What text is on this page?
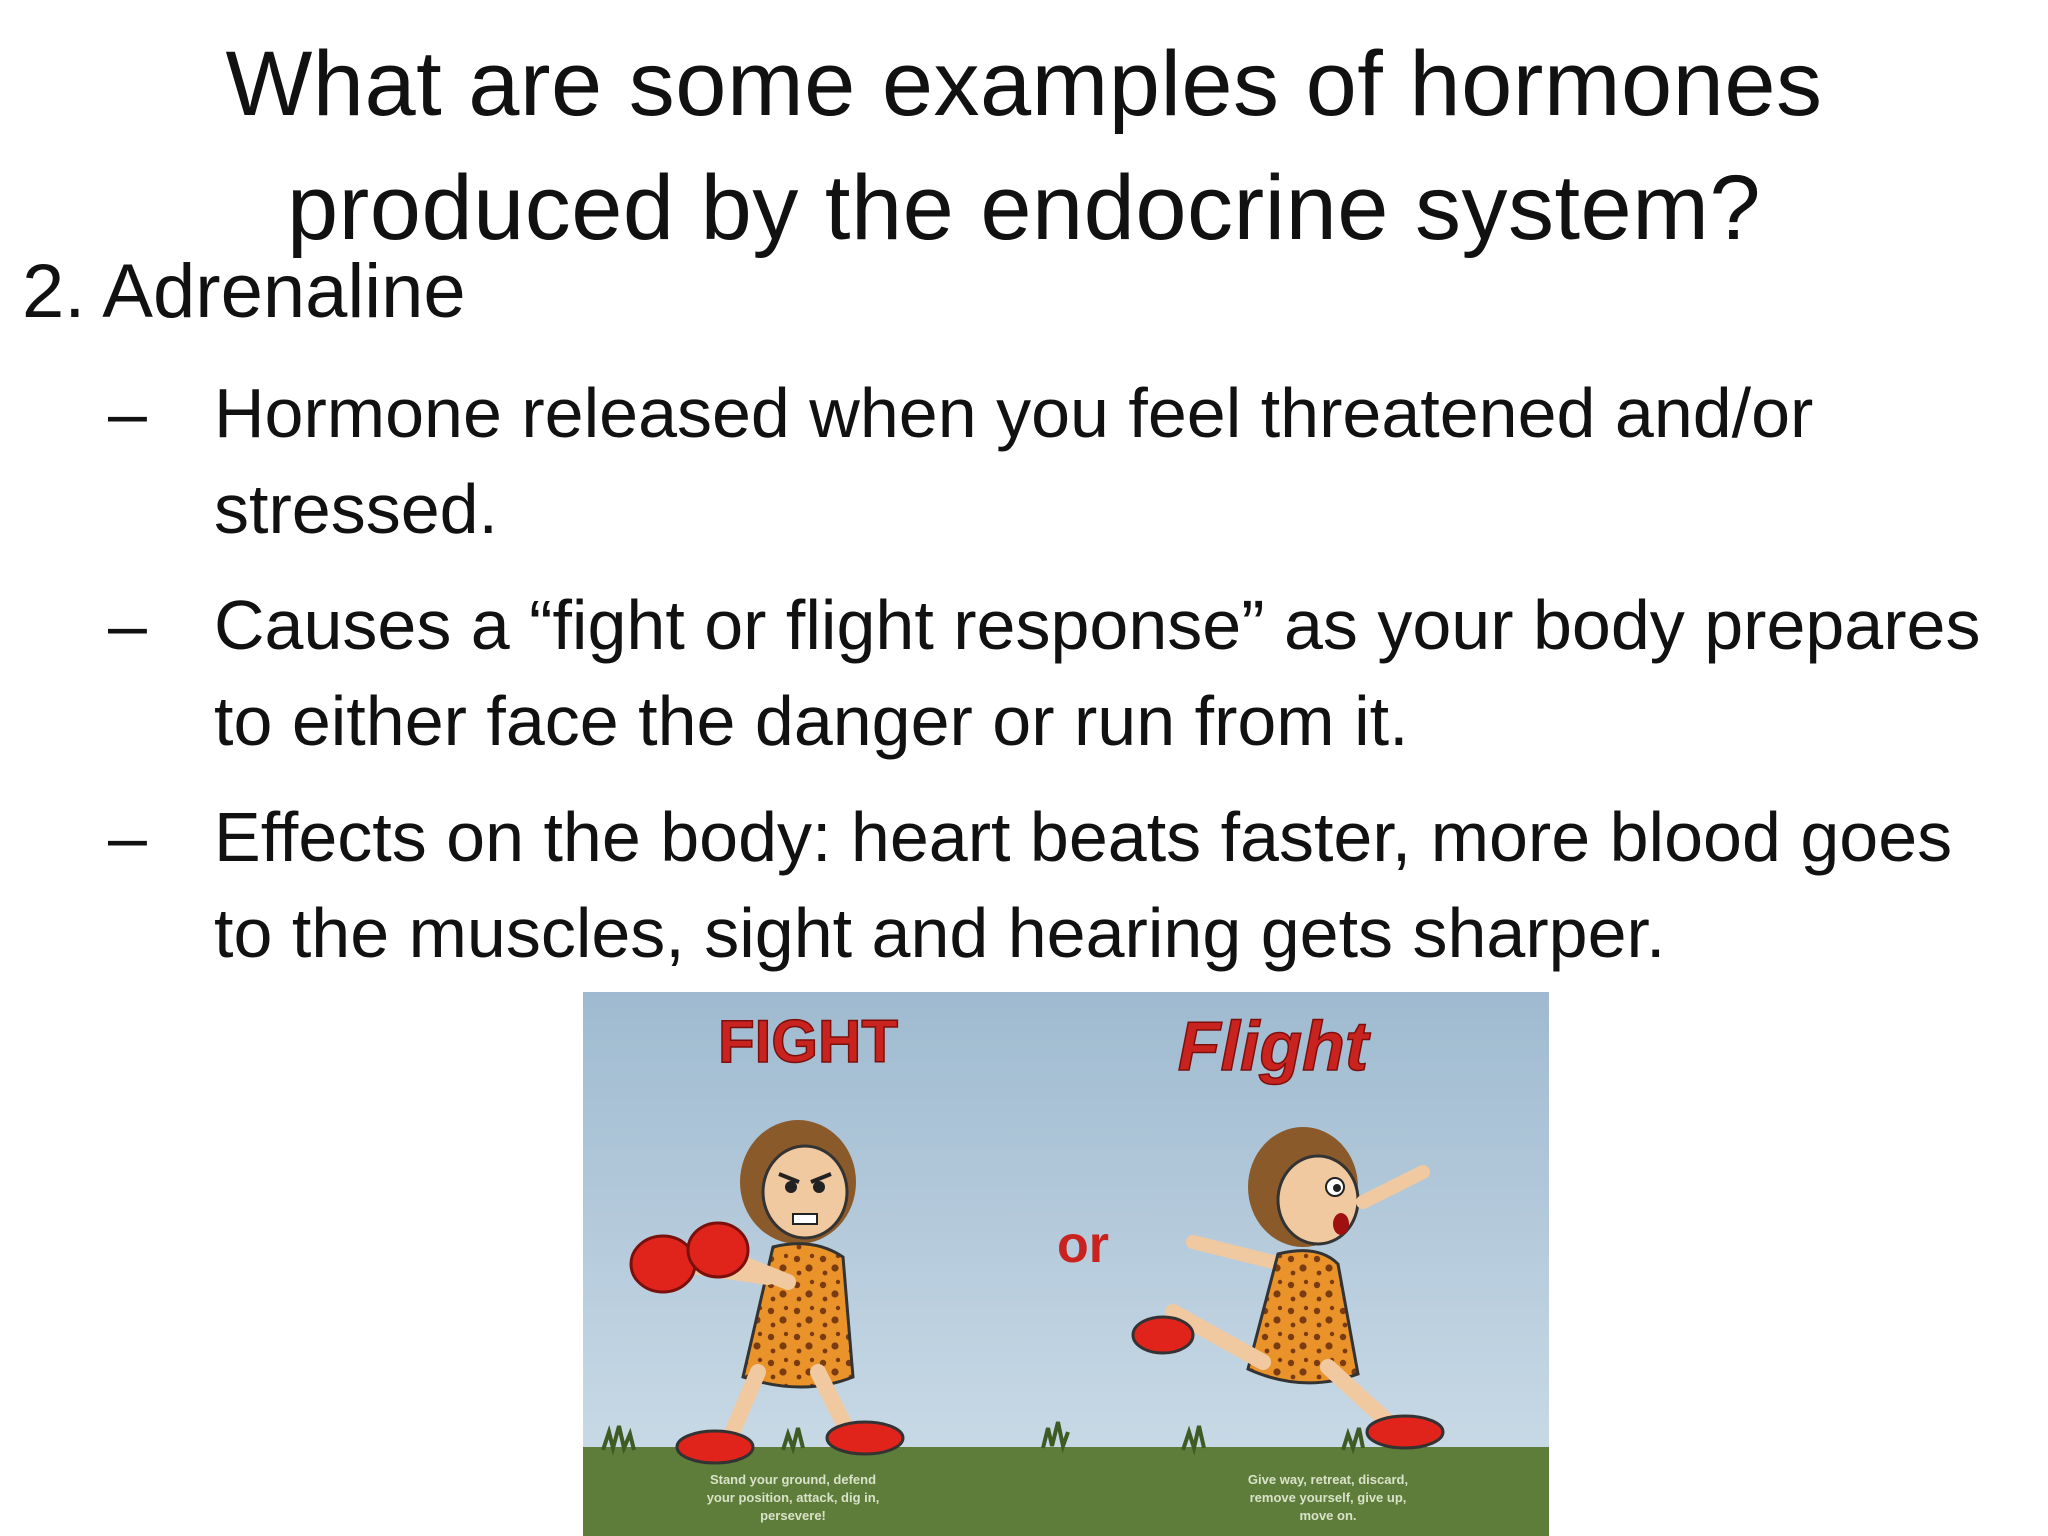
What are some examples of hormones
produced by the endocrine system?
2. Adrenaline
– Hormone released when you feel threatened and/or stressed.
– Causes a “fight or flight response” as your body prepares to either face the danger or run from it.
– Effects on the body: heart beats faster, more blood goes to the muscles, sight and hearing gets sharper.
FIGHT	Flight
or
Stand your ground, defend
your position, attack, dig in,
persevere!
Give way, retreat, discard,
remove yourself, give up,
move on.
